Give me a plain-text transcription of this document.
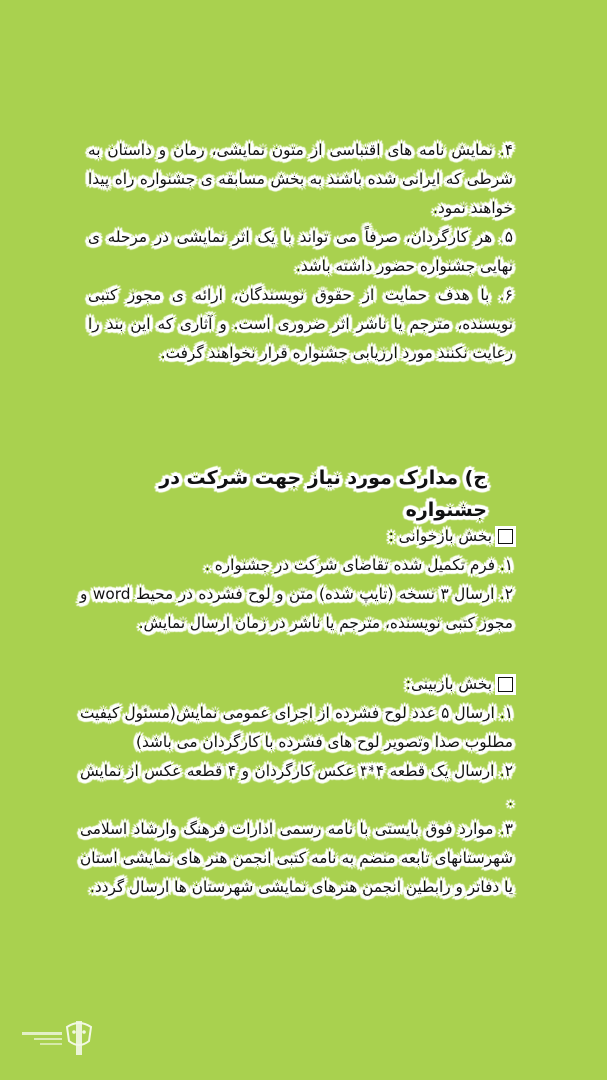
۴. نمایش نامه های اقتباسی از متون نمایشی، رمان و داستان به شرطی که ایرانی شده باشند به بخش مسابقه ی جشنواره راه پیدا خواهند نمود.

۵. هر کارگردان، صرفاً می تواند با یک اثر نمایشی در مرحله ی نهایی جشنواره حضور داشته باشد.

۶. با هدف حمایت از حقوق نویسندگان، ارائه ی مجوز کتبی نویسنده، مترجم یا ناشر اثر ضروری است. و آثاری که این بند را رعایت نکنند مورد ارزیابی جشنواره قرار نخواهند گرفت.

ج) مدارک مورد نیاز جهت شرکت در جشنواره
بخش بازخوانی :

۱. فرم تکمیل شده تقاضای شرکت در جشنواره .

۲. ارسال ۳ نسخه (تایپ شده) متن و لوح فشرده در محیط word و مجوز کتبی نویسنده، مترجم یا ناشر در زمان ارسال نمایش.

بخش بازبینی:

۱. ارسال ۵ عدد لوح فشرده از اجرای عمومی نمایش(مسئول کیفیت مطلوب صدا وتصویر لوح های فشرده با کارگردان می باشد)

۲. ارسال یک قطعه ۴*۳ عکس کارگردان و ۴ قطعه عکس از نمایش .

۳. موارد فوق بایستی با نامه رسمی ادارات فرهنگ وارشاد اسلامی شهرستانهای تابعه منضم به نامه کتبی انجمن هنر های نمایشی استان یا دفاتر و رابطین انجمن هنرهای نمایشی شهرستان ها ارسال گردد.
